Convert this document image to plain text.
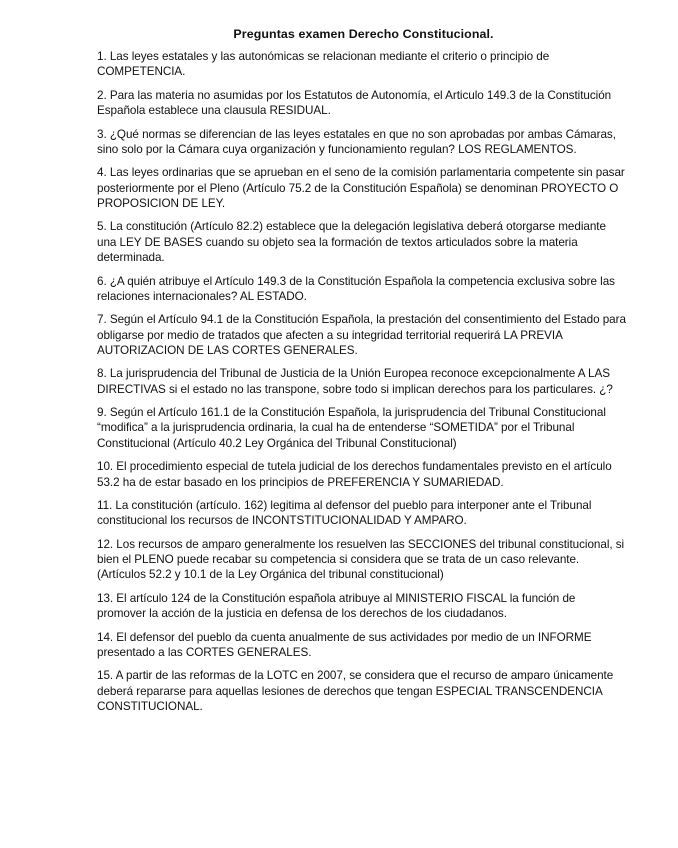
Preguntas examen Derecho Constitucional.

1. Las leyes estatales y las autonómicas se relacionan mediante el criterio o principio de COMPETENCIA.

2. Para las materia no asumidas por los Estatutos de Autonomía, el Articulo 149.3 de la Constitución Española establece una clausula RESIDUAL.

3. ¿Qué normas se diferencian de las leyes estatales en que no son aprobadas por ambas Cámaras, sino solo por la Cámara cuya organización y funcionamiento regulan? LOS REGLAMENTOS.

4. Las leyes ordinarias que se aprueban en el seno de la comisión parlamentaria competente sin pasar posteriormente por el Pleno (Artículo 75.2 de la Constitución Española) se denominan PROYECTO O PROPOSICION DE LEY.

5. La constitución (Artículo 82.2) establece que la delegación legislativa deberá otorgarse mediante una LEY DE BASES cuando su objeto sea la formación de textos articulados sobre la materia determinada.

6. ¿A quién atribuye el Artículo 149.3 de la Constitución Española la competencia exclusiva sobre las relaciones internacionales? AL ESTADO.

7. Según el Artículo 94.1 de la Constitución Española, la prestación del consentimiento del Estado para obligarse por medio de tratados que afecten a su integridad territorial requerirá LA PREVIA AUTORIZACION DE LAS CORTES GENERALES.

8. La jurisprudencia del Tribunal de Justicia de la Unión Europea reconoce excepcionalmente A LAS DIRECTIVAS si el estado no las transpone, sobre todo si implican derechos para los particulares. ¿?

9. Según el Artículo 161.1 de la Constitución Española, la jurisprudencia del Tribunal Constitucional “modifica” a la jurisprudencia ordinaria, la cual ha de entenderse “SOMETIDA” por el Tribunal Constitucional (Artículo 40.2 Ley Orgánica del Tribunal Constitucional)

10. El procedimiento especial de tutela judicial de los derechos fundamentales previsto en el artículo 53.2 ha de estar basado en los principios de PREFERENCIA Y SUMARIEDAD.

11. La constitución (artículo. 162) legitima al defensor del pueblo para interponer ante el Tribunal constitucional los recursos de INCONTSTITUCIONALIDAD Y AMPARO.

12. Los recursos de amparo generalmente los resuelven las SECCIONES del tribunal constitucional, si bien el PLENO puede recabar su competencia si considera que se trata de un caso relevante. (Artículos 52.2 y 10.1 de la Ley Orgánica del tribunal constitucional)

13. El artículo 124 de la Constitución española atribuye al MINISTERIO FISCAL la función de promover la acción de la justicia en defensa de los derechos de los ciudadanos.

14. El defensor del pueblo da cuenta anualmente de sus actividades por medio de un INFORME presentado a las CORTES GENERALES.

15. A partir de las reformas de la LOTC en 2007, se considera que el recurso de amparo únicamente deberá repararse para aquellas lesiones de derechos que tengan ESPECIAL TRANSCENDENCIA CONSTITUCIONAL.
